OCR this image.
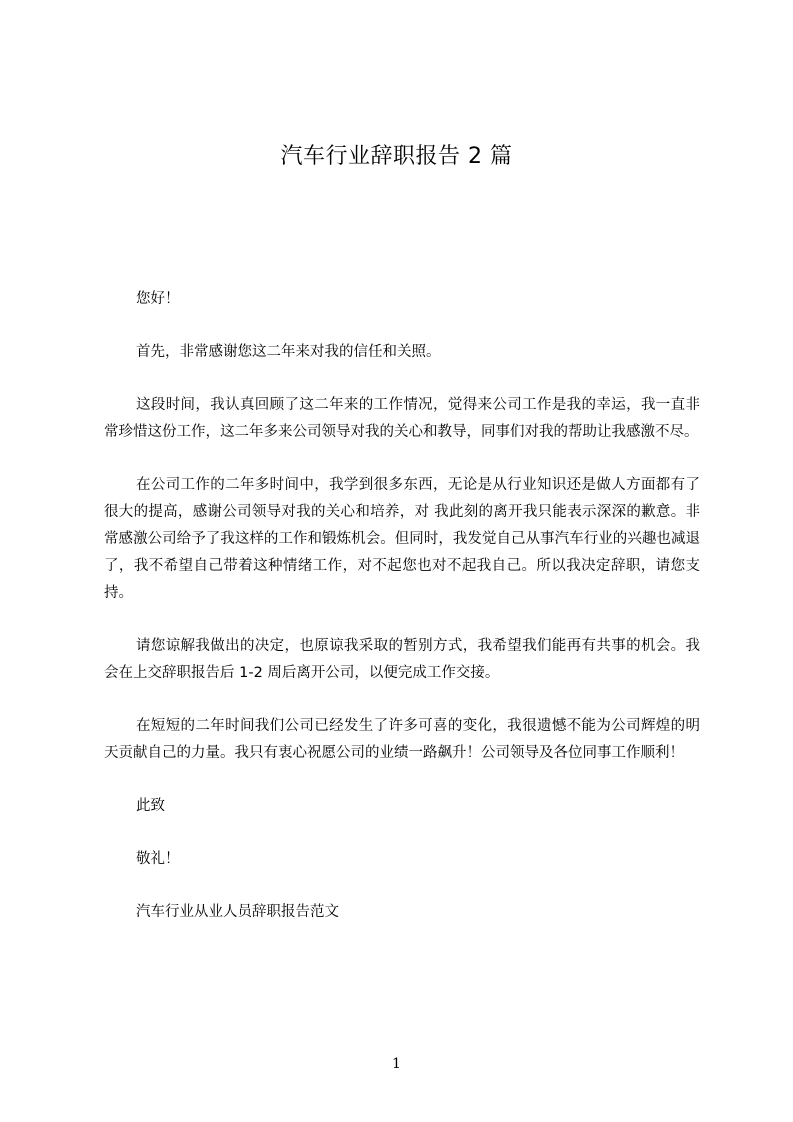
汽车行业辞职报告 2 篇

您好！

首先，非常感谢您这二年来对我的信任和关照。

这段时间，我认真回顾了这二年来的工作情况，觉得来公司工作是我的幸运，我一直非常珍惜这份工作，这二年多来公司领导对我的关心和教导，同事们对我的帮助让我感激不尽。

在公司工作的二年多时间中，我学到很多东西，无论是从行业知识还是做人方面都有了很大的提高，感谢公司领导对我的关心和培养，对 我此刻的离开我只能表示深深的歉意。非常感激公司给予了我这样的工作和锻炼机会。但同时，我发觉自己从事汽车行业的兴趣也减退了，我不希望自己带着这种情绪工作，对不起您也对不起我自己。所以我决定辞职，请您支持。

请您谅解我做出的决定，也原谅我采取的暂别方式，我希望我们能再有共事的机会。我会在上交辞职报告后 1-2 周后离开公司，以便完成工作交接。

在短短的二年时间我们公司已经发生了许多可喜的变化，我很遗憾不能为公司辉煌的明天贡献自己的力量。我只有衷心祝愿公司的业绩一路飙升！公司领导及各位同事工作顺利！

此致

敬礼！

汽车行业从业人员辞职报告范文

1
